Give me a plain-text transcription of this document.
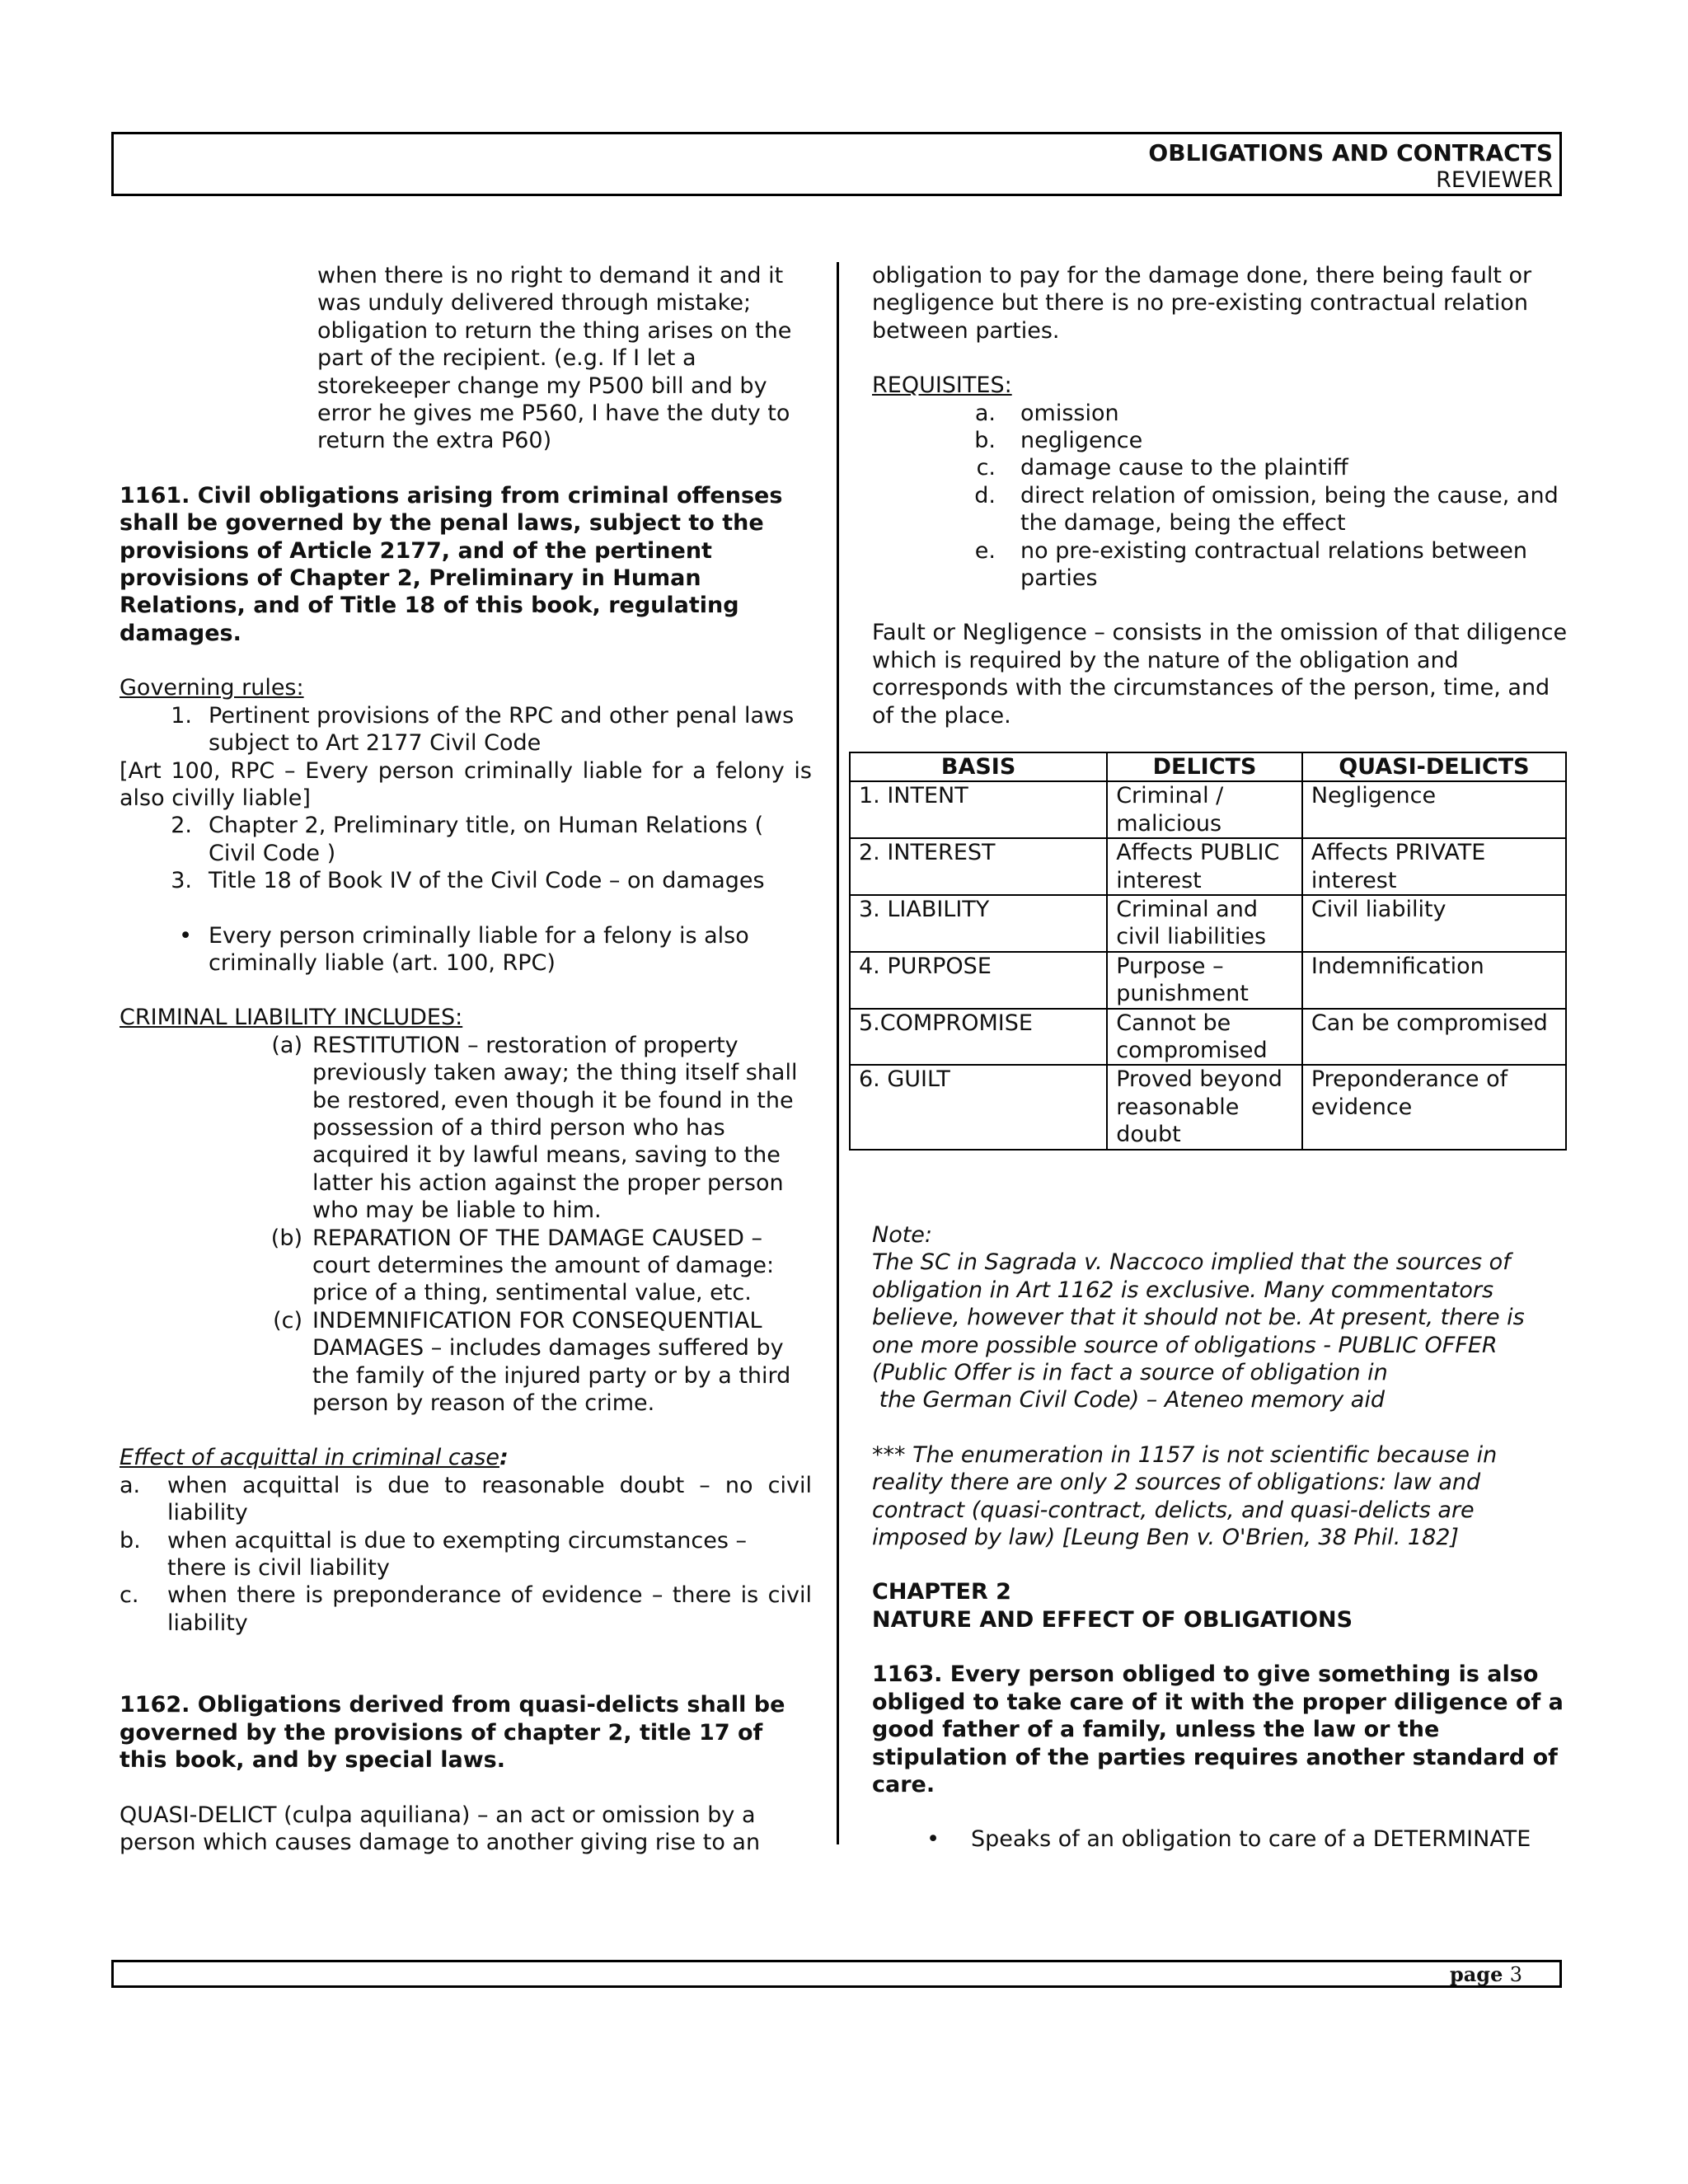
OBLIGATIONS AND CONTRACTS
REVIEWER

when there is no right to demand it and it was unduly delivered through mistake; obligation to return the thing arises on the part of the recipient. (e.g. If I let a storekeeper change my P500 bill and by error he gives me P560, I have the duty to return the extra P60)

1161. Civil obligations arising from criminal offenses shall be governed by the penal laws, subject to the provisions of Article 2177, and of the pertinent provisions of Chapter 2, Preliminary in Human Relations, and of Title 18 of this book, regulating damages.

Governing rules:

1. Pertinent provisions of the RPC and other penal laws subject to Art 2177 Civil Code

[Art 100, RPC – Every person criminally liable for a felony is also civilly liable]

2. Chapter 2, Preliminary title, on Human Relations ( Civil Code )
3. Title 18 of Book IV of the Civil Code – on damages
• Every person criminally liable for a felony is also criminally liable (art. 100, RPC)

CRIMINAL LIABILITY INCLUDES:

(a) RESTITUTION – restoration of property previously taken away; the thing itself shall be restored, even though it be found in the possession of a third person who has acquired it by lawful means, saving to the latter his action against the proper person who may be liable to him.
(b) REPARATION OF THE DAMAGE CAUSED – court determines the amount of damage: price of a thing, sentimental value, etc.
(c) INDEMNIFICATION FOR CONSEQUENTIAL DAMAGES – includes damages suffered by the family of the injured party or by a third person by reason of the crime.

Effect of acquittal in criminal case:

a.	when acquittal is due to reasonable doubt – no civil liability
b.	when acquittal is due to exempting circumstances – there is civil liability
c.	when there is preponderance of evidence – there is civil liability

1162. Obligations derived from quasi-delicts shall be governed by the provisions of chapter 2, title 17 of this book, and by special laws.

QUASI-DELICT (culpa aquiliana) – an act or omission by a person which causes damage to another giving rise to an

obligation to pay for the damage done, there being fault or negligence but there is no pre-existing contractual relation between parties.

REQUISITES:

a.	omission
b.	negligence
c.	damage cause to the plaintiff
d.	direct relation of omission, being the cause, and the damage, being the effect
e.	no pre-existing contractual relations between parties

Fault or Negligence – consists in the omission of that diligence which is required by the nature of the obligation and corresponds with the circumstances of the person, time, and of the place.

BASIS	DELICTS	QUASI-DELICTS
1. INTENT	Criminal / malicious	Negligence
2. INTEREST	Affects PUBLIC interest	Affects PRIVATE interest
3. LIABILITY	Criminal and civil liabilities	Civil liability
4. PURPOSE	Purpose – punishment	Indemnification
5.COMPROMISE	Cannot be compromised	Can be compromised
6. GUILT	Proved beyond reasonable doubt	Preponderance of evidence

Note:

The SC in Sagrada v. Naccoco implied that the sources of obligation in Art 1162 is exclusive. Many commentators believe, however that it should not be. At present, there is one more possible source of obligations - PUBLIC OFFER (Public Offer is in fact a source of obligation in

the German Civil Code) – Ateneo memory aid

*** The enumeration in 1157 is not scientific because in reality there are only 2 sources of obligations: law and contract (quasi-contract, delicts, and quasi-delicts are imposed by law) [Leung Ben v. O'Brien, 38 Phil. 182]

CHAPTER 2

NATURE AND EFFECT OF OBLIGATIONS

1163. Every person obliged to give something is also obliged to take care of it with the proper diligence of a good father of a family, unless the law or the stipulation of the parties requires another standard of care.

•	Speaks of an obligation to care of a DETERMINATE
page 3
